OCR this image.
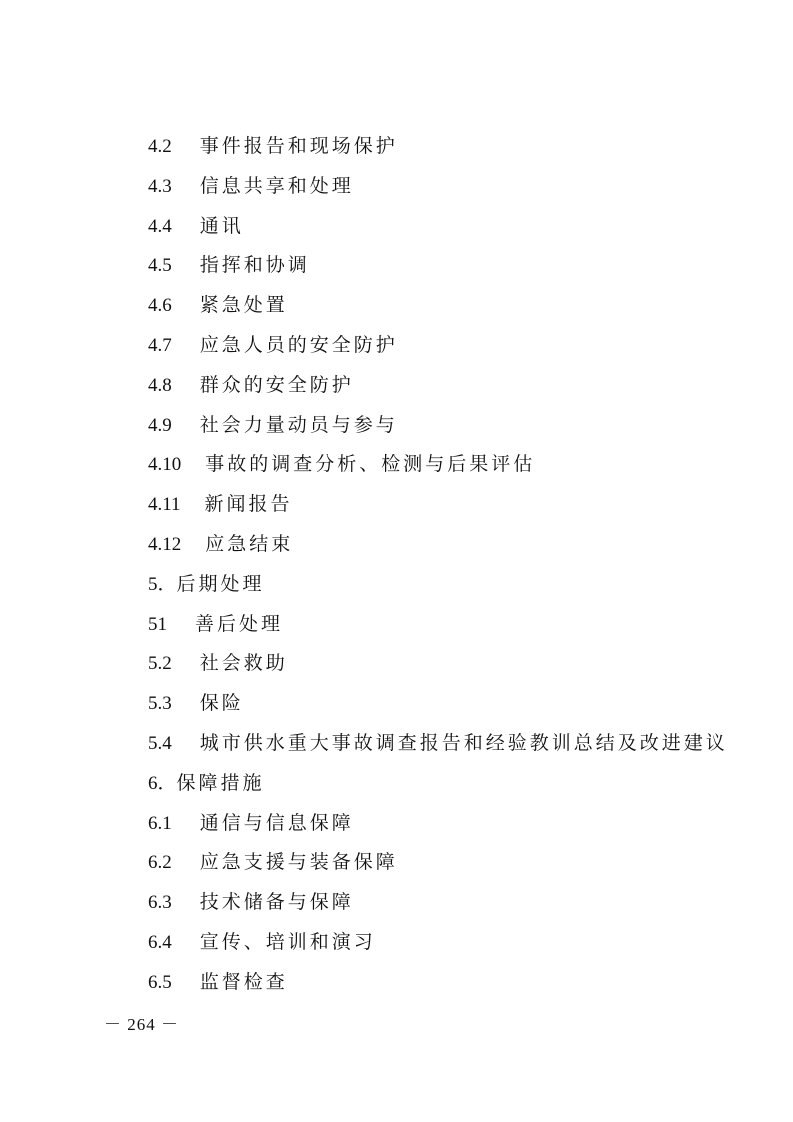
4.2 事件报告和现场保护
4.3 信息共享和处理
4.4 通讯
4.5 指挥和协调
4.6 紧急处置
4.7 应急人员的安全防护
4.8 群众的安全防护
4.9 社会力量动员与参与
4.10 事故的调查分析、检测与后果评估
4.11 新闻报告
4.12 应急结束
5．后期处理
51 善后处理
5.2 社会救助
5.3 保险
5.4 城市供水重大事故调查报告和经验教训总结及改进建议
6．保障措施
6.1 通信与信息保障
6.2 应急支援与装备保障
6.3 技术储备与保障
6.4 宣传、培训和演习
6.5 监督检查
－ 264 －
